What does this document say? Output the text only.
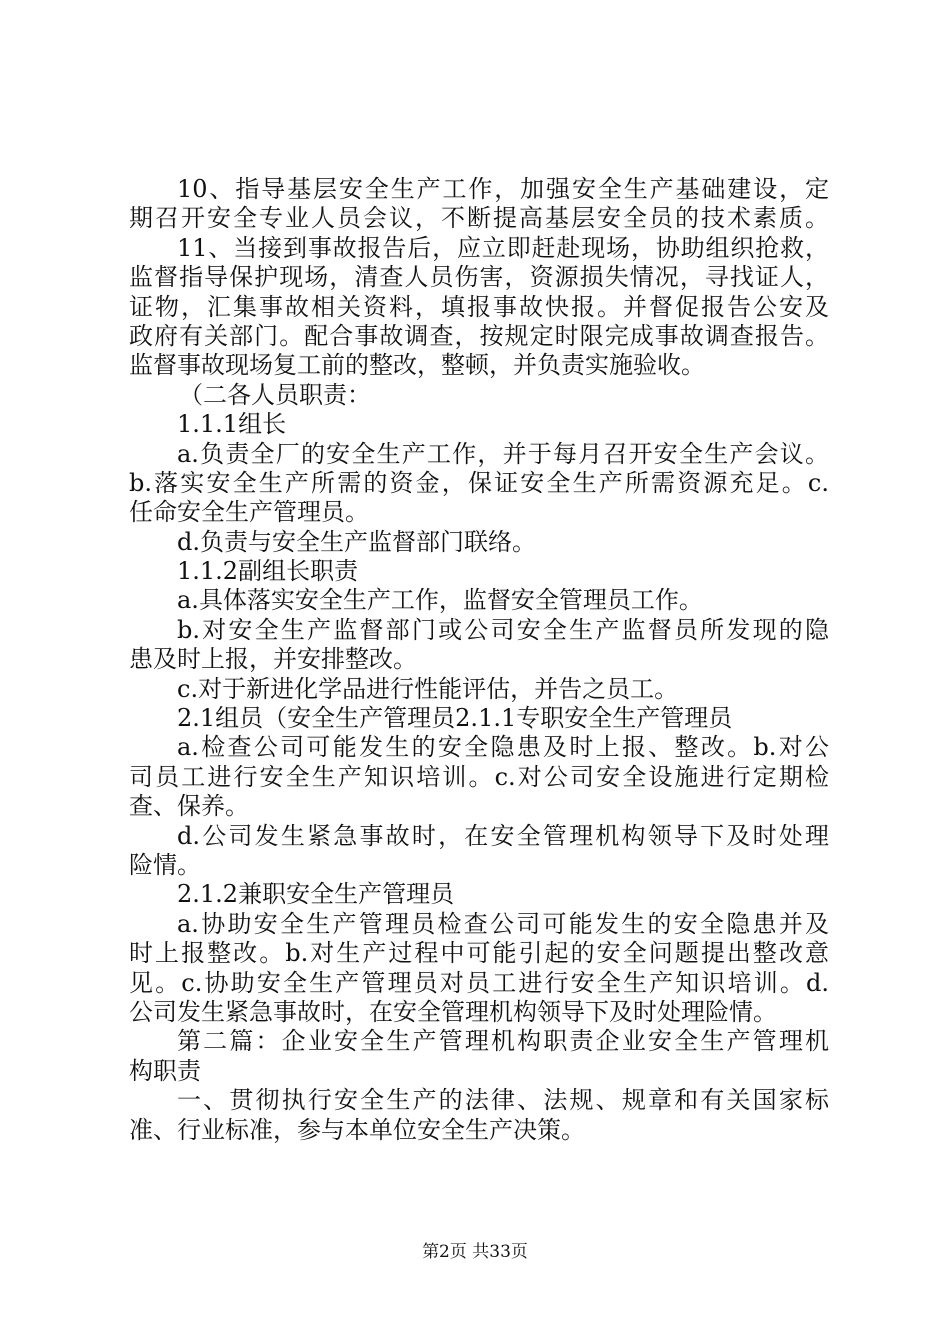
10、指导基层安全生产工作，加强安全生产基础建设，定
期召开安全专业人员会议，不断提高基层安全员的技术素质。
11、当接到事故报告后，应立即赶赴现场，协助组织抢救，
监督指导保护现场，清查人员伤害，资源损失情况，寻找证人，
证物，汇集事故相关资料，填报事故快报。并督促报告公安及
政府有关部门。配合事故调查，按规定时限完成事故调查报告。
监督事故现场复工前的整改，整顿，并负责实施验收。
（二各人员职责：
1.1.1组长
a.负责全厂的安全生产工作，并于每月召开安全生产会议。
b.落实安全生产所需的资金，保证安全生产所需资源充足。c.
任命安全生产管理员。
d.负责与安全生产监督部门联络。
1.1.2副组长职责
a.具体落实安全生产工作，监督安全管理员工作。
b.对安全生产监督部门或公司安全生产监督员所发现的隐
患及时上报，并安排整改。
c.对于新进化学品进行性能评估，并告之员工。
2.1组员（安全生产管理员2.1.1专职安全生产管理员
a.检查公司可能发生的安全隐患及时上报、整改。b.对公
司员工进行安全生产知识培训。c.对公司安全设施进行定期检
查、保养。
d.公司发生紧急事故时，在安全管理机构领导下及时处理
险情。
2.1.2兼职安全生产管理员
a.协助安全生产管理员检查公司可能发生的安全隐患并及
时上报整改。b.对生产过程中可能引起的安全问题提出整改意
见。c.协助安全生产管理员对员工进行安全生产知识培训。d.
公司发生紧急事故时，在安全管理机构领导下及时处理险情。
第二篇：企业安全生产管理机构职责企业安全生产管理机
构职责
一、贯彻执行安全生产的法律、法规、规章和有关国家标
准、行业标准，参与本单位安全生产决策。
第2页 共33页
